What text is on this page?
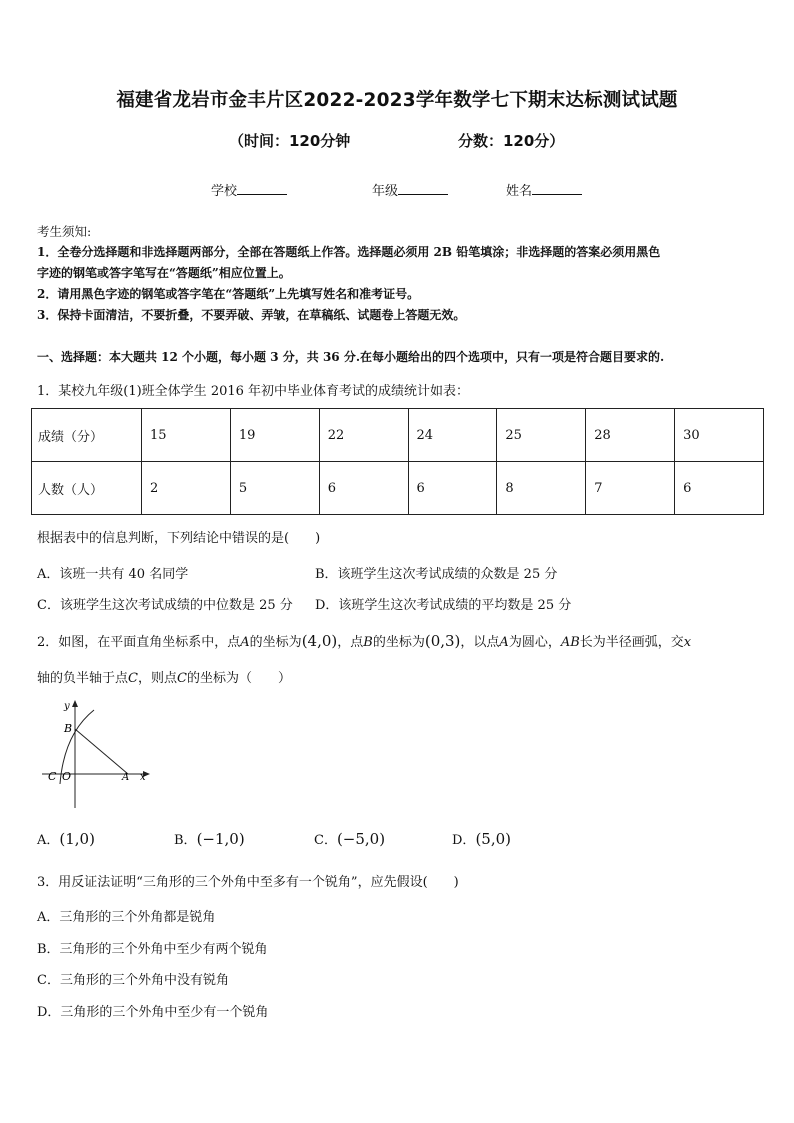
福建省龙岩市金丰片区2022-2023学年数学七下期末达标测试试题
（时间：120分钟	分数：120分）
学校	年级	姓名
考生须知:
1．全卷分选择题和非选择题两部分，全部在答题纸上作答。选择题必须用 2B 铅笔填涂；非选择题的答案必须用黑色
字迹的钢笔或答字笔写在“答题纸”相应位置上。
2．请用黑色字迹的钢笔或答字笔在“答题纸”上先填写姓名和准考证号。
3．保持卡面清洁，不要折叠，不要弄破、弄皱，在草稿纸、试题卷上答题无效。
一、选择题：本大题共 12 个小题，每小题 3 分，共 36 分.在每小题给出的四个选项中，只有一项是符合题目要求的.
1．某校九年级(1)班全体学生 2016 年初中毕业体育考试的成绩统计如表：
成绩（分）	15	19	22	24	25	28	30
人数（人）	2	5	6	6	8	7	6
根据表中的信息判断，下列结论中错误的是(　　)
A．该班一共有 40 名同学	B．该班学生这次考试成绩的众数是 25 分
C．该班学生这次考试成绩的中位数是 25 分 D．该班学生这次考试成绩的平均数是 25 分
2．如图，在平面直角坐标系中，点A的坐标为(4,0)，点B的坐标为(0,3)，以点A为圆心，AB长为半径画弧，交x
轴的负半轴于点C，则点C的坐标为（　　）
y
B
C O	A x
A．(1,0)	B．(−1,0)	C．(−5,0)	D．(5,0)
3．用反证法证明“三角形的三个外角中至多有一个锐角”，应先假设(　　)
A．三角形的三个外角都是锐角
B．三角形的三个外角中至少有两个锐角
C．三角形的三个外角中没有锐角
D．三角形的三个外角中至少有一个锐角
